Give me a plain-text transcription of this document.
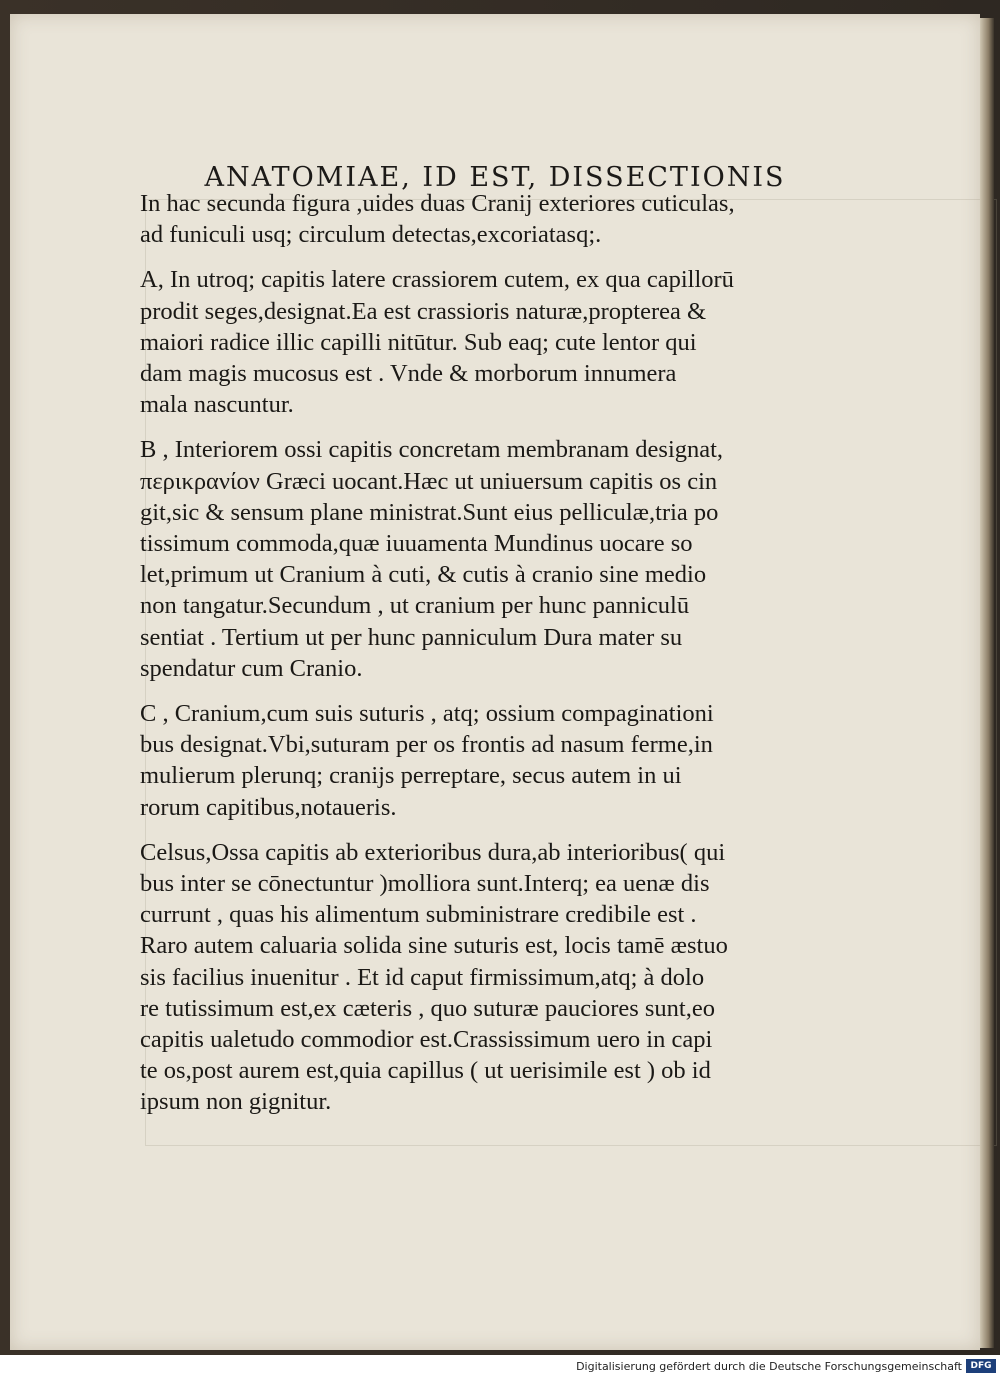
ANATOMIAE, ID EST, DISSECTIONIS
In hac secunda figura ,uides duas Cranij exteriores cuticulas,
ad funiculi usq; circulum detectas,excoriatasq;.
A, In utroq; capitis latere crassiorem cutem, ex qua capillorū
prodit seges,designat.Ea est crassioris naturæ,propterea &
maiori radice illic capilli nitūtur. Sub eaq; cute lentor qui
dam magis mucosus est . Vnde & morborum innumera
mala nascuntur.
B , Interiorem ossi capitis concretam membranam designat,
περικρανίον Græci uocant.Hæc ut uniuersum capitis os cin
git,sic & sensum plane ministrat.Sunt eius pelliculæ,tria po
tissimum commoda,quæ iuuamenta Mundinus uocare so
let,primum ut Cranium à cuti, & cutis à cranio sine medio
non tangatur.Secundum , ut cranium per hunc panniculū
sentiat . Tertium ut per hunc panniculum Dura mater su
spendatur cum Cranio.
C , Cranium,cum suis suturis , atq; ossium compaginationi
bus designat.Vbi,suturam per os frontis ad nasum ferme,in
mulierum plerunq; cranijs perreptare, secus autem in ui
rorum capitibus,notaueris.
Celsus,Ossa capitis ab exterioribus dura,ab interioribus( qui
bus inter se cōnectuntur )molliora sunt.Interq; ea uenæ dis
currunt , quas his alimentum subministrare credibile est .
Raro autem caluaria solida sine suturis est, locis tamē æstuo
sis facilius inuenitur . Et id caput firmissimum,atq; à dolo
re tutissimum est,ex cæteris , quo suturæ pauciores sunt,eo
capitis ualetudo commodior est.Crassissimum uero in capi
te os,post aurem est,quia capillus ( ut uerisimile est ) ob id
ipsum non gignitur.
Digitalisierung gefördert durch die Deutsche Forschungsgemeinschaft DFG
